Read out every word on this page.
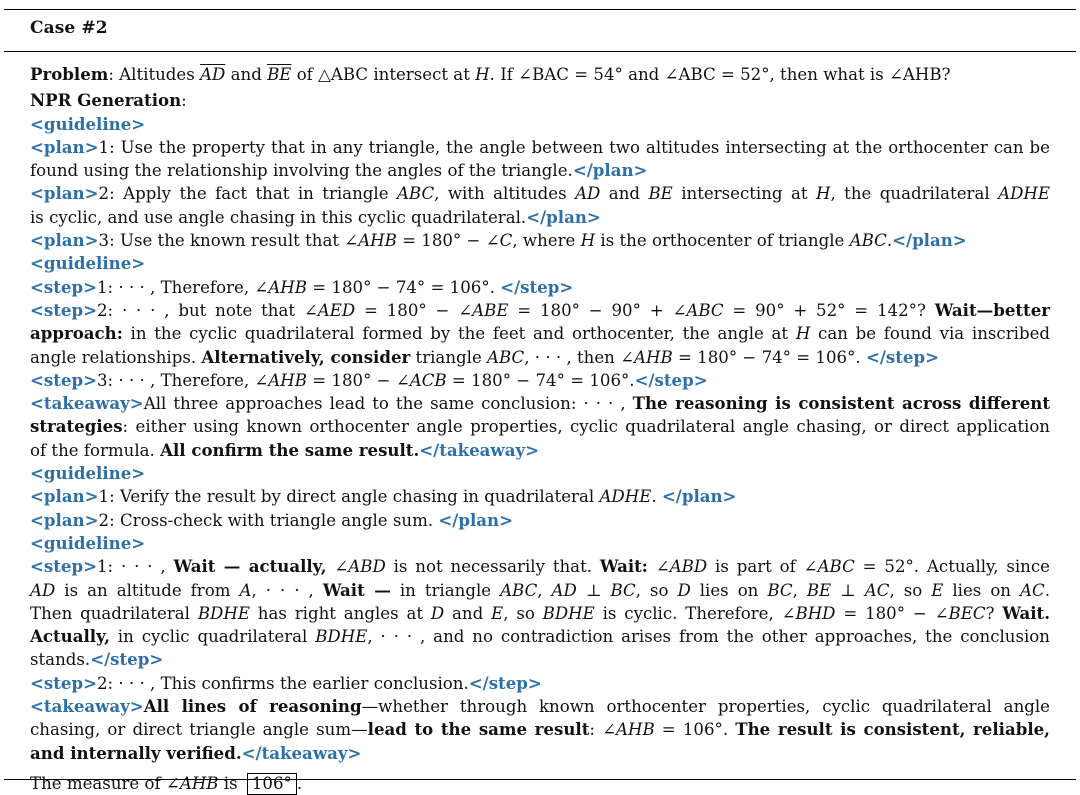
Case #2
Problem: Altitudes $\overline{AD}$ and $\overline{BE}$ of △ABC intersect at H. If ∠BAC = 54° and ∠ABC = 52°, then what is ∠AHB?
NPR Generation:
<guideline>
<plan>1: Use the property that in any triangle, the angle between two altitudes intersecting at the orthocenter can be
found using the relationship involving the angles of the triangle.</plan>
<plan>2: Apply the fact that in triangle ABC, with altitudes AD and BE intersecting at H, the quadrilateral ADHE
is cyclic, and use angle chasing in this cyclic quadrilateral.</plan>
<plan>3: Use the known result that ∠AHB = 180° − ∠C, where H is the orthocenter of triangle ABC.</plan>
<guideline>
<step>1: · · · , Therefore, ∠AHB = 180° − 74° = 106°. </step>
<step>2: · · · , but note that ∠AED = 180° − ∠ABE = 180° − 90° + ∠ABC = 90° + 52° = 142°? Wait—better
approach: in the cyclic quadrilateral formed by the feet and orthocenter, the angle at H can be found via inscribed
angle relationships. Alternatively, consider triangle ABC, · · · , then ∠AHB = 180° − 74° = 106°. </step>
<step>3: · · · , Therefore, ∠AHB = 180° − ∠ACB = 180° − 74° = 106°.</step>
<takeaway>All three approaches lead to the same conclusion: · · · , The reasoning is consistent across different
strategies: either using known orthocenter angle properties, cyclic quadrilateral angle chasing, or direct application
of the formula. All confirm the same result.</takeaway>
<guideline>
<plan>1: Verify the result by direct angle chasing in quadrilateral ADHE. </plan>
<plan>2: Cross-check with triangle angle sum. </plan>
<guideline>
<step>1: · · · , Wait — actually, ∠ABD is not necessarily that. Wait: ∠ABD is part of ∠ABC = 52°. Actually, since
AD is an altitude from A, · · · , Wait — in triangle ABC, AD ⊥ BC, so D lies on BC, BE ⊥ AC, so E lies on AC.
Then quadrilateral BDHE has right angles at D and E, so BDHE is cyclic. Therefore, ∠BHD = 180° − ∠BEC? Wait.
Actually, in cyclic quadrilateral BDHE, · · · , and no contradiction arises from the other approaches, the conclusion
stands.</step>
<step>2: · · · , This confirms the earlier conclusion.</step>
<takeaway>All lines of reasoning—whether through known orthocenter properties, cyclic quadrilateral angle
chasing, or direct triangle angle sum—lead to the same result: ∠AHB = 106°. The result is consistent, reliable,
and internally verified.</takeaway>
The measure of ∠AHB is 106° .
